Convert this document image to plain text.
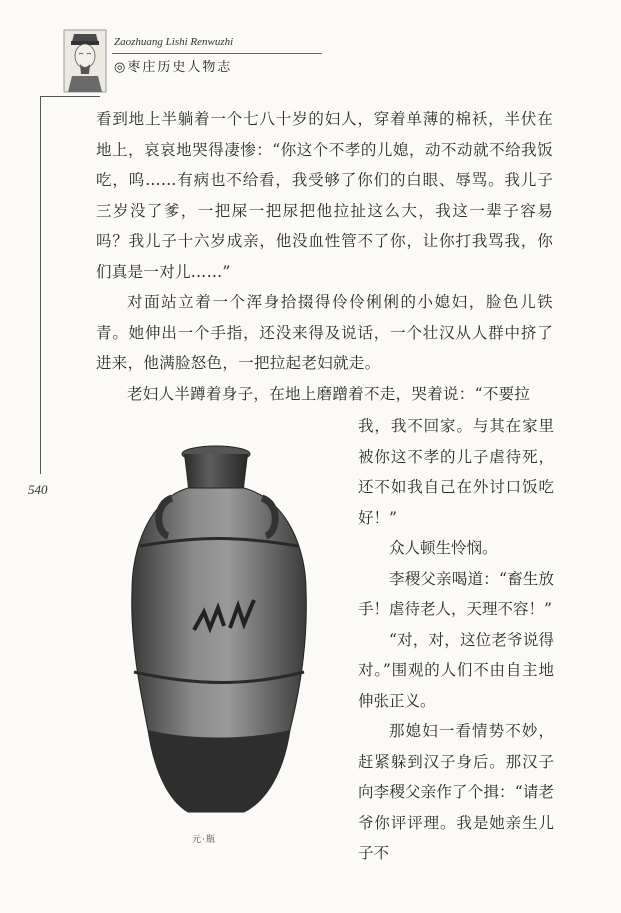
Zaozhuang Lishi Renwuzhi
◎枣庄历史人物志
540

看到地上半躺着一个七八十岁的妇人，穿着单薄的棉袄，半伏在地上，哀哀地哭得凄惨：“你这个不孝的儿媳，动不动就不给我饭吃，呜……有病也不给看，我受够了你们的白眼、辱骂。我儿子三岁没了爹，一把屎一把尿把他拉扯这么大，我这一辈子容易吗？我儿子十六岁成亲，他没血性管不了你，让你打我骂我，你们真是一对儿……”

对面站立着一个浑身拾掇得伶伶俐俐的小媳妇，脸色儿铁青。她伸出一个手指，还没来得及说话，一个壮汉从人群中挤了进来，他满脸怒色，一把拉起老妇就走。

老妇人半蹲着身子，在地上磨蹭着不走，哭着说：“不要拉

我，我不回家。与其在家里被你这不孝的儿子虐待死，还不如我自己在外讨口饭吃好！”

众人顿生怜悯。

李稷父亲喝道：“畜生放手！虐待老人，天理不容！”

“对，对，这位老爷说得对。”围观的人们不由自主地伸张正义。

那媳妇一看情势不妙，赶紧躲到汉子身后。那汉子向李稷父亲作了个揖：“请老爷你评评理。我是她亲生儿子不

元·瓶
